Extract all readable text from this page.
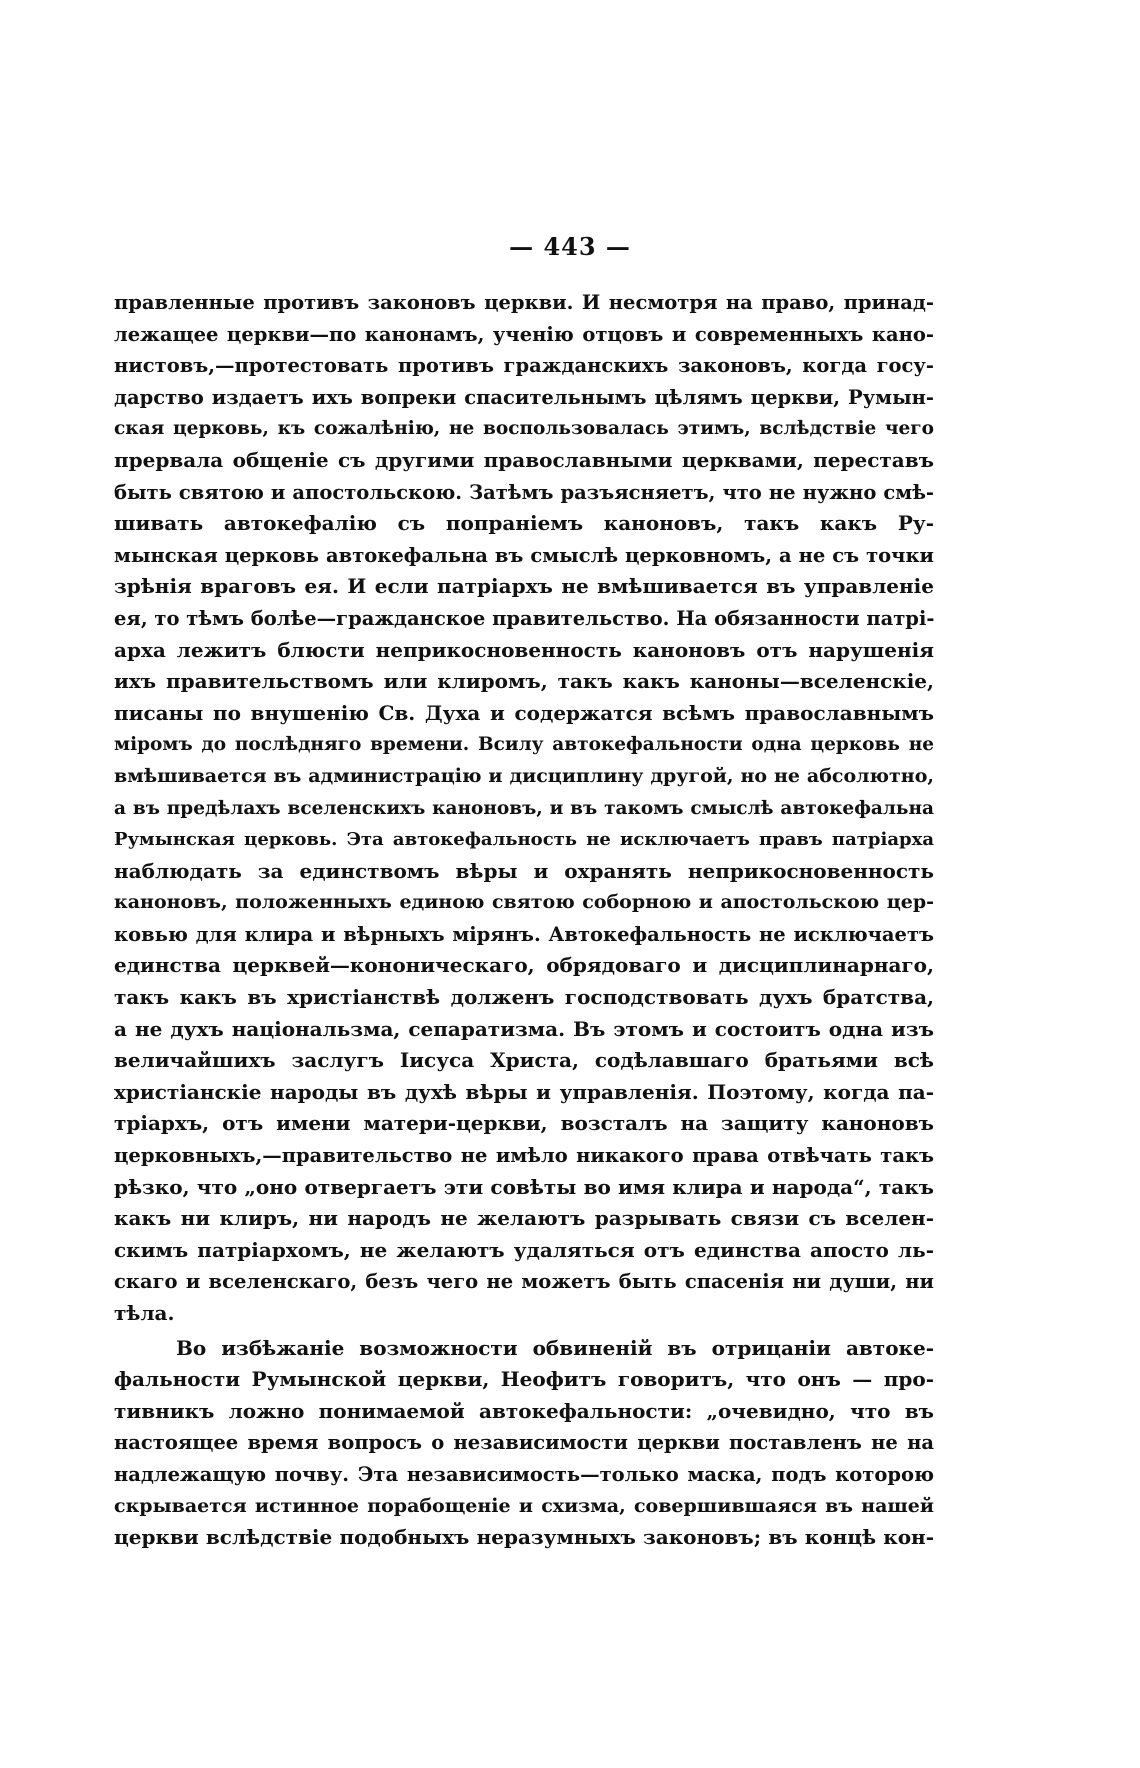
— 443 —
правленные противъ законовъ церкви. И несмотря на право, принад-
лежащее церкви—по канонамъ, ученію отцовъ и современныхъ кано-
нистовъ,—протестовать противъ гражданскихъ законовъ, когда госу-
дарство издаетъ ихъ вопреки спасительнымъ цѣлямъ церкви, Румын-
ская церковь, къ сожалѣнію, не воспользовалась этимъ, вслѣдствіе чего
прервала общеніе съ другими православными церквами, переставъ
быть святою и апостольскою. Затѣмъ разъясняетъ, что не нужно смѣ-
шивать автокефалію съ попраніемъ каноновъ, такъ какъ Ру-
мынская церковь автокефальна въ смыслѣ церковномъ, а не съ точки
зрѣнія враговъ ея. И если патріархъ не вмѣшивается въ управленіе
ея, то тѣмъ болѣе—гражданское правительство. На обязанности патрі-
арха лежитъ блюсти неприкосновенность каноновъ отъ нарушенія
ихъ правительствомъ или клиромъ, такъ какъ каноны—вселенскіе,
писаны по внушенію Св. Духа и содержатся всѣмъ православнымъ
міромъ до послѣдняго времени. Всилу автокефальности одна церковь не
вмѣшивается въ администрацію и дисциплину другой, но не абсолютно,
а въ предѣлахъ вселенскихъ каноновъ, и въ такомъ смыслѣ автокефальна
Румынская церковь. Эта автокефальность не исключаетъ правъ патріарха
наблюдать за единствомъ вѣры и охранять неприкосновенность
каноновъ, положенныхъ единою святою соборною и апостольскою цер-
ковью для клира и вѣрныхъ мірянъ. Автокефальность не исключаетъ
единства церквей—кононическаго, обрядоваго и дисциплинарнаго,
такъ какъ въ христіанствѣ долженъ господствовать духъ братства,
а не духъ національзма, сепаратизма. Въ этомъ и состоитъ одна изъ
величайшихъ заслугъ Іисуса Христа, содѣлавшаго братьями всѣ
христіанскіе народы въ духѣ вѣры и управленія. Поэтому, когда па-
тріархъ, отъ имени матери-церкви, возсталъ на защиту каноновъ
церковныхъ,—правительство не имѣло никакого права отвѣчать такъ
рѣзко, что „оно отвергаетъ эти совѣты во имя клира и народа“, такъ
какъ ни клиръ, ни народъ не желаютъ разрывать связи съ вселен-
скимъ патріархомъ, не желаютъ удаляться отъ единства апосто ль-
скаго и вселенскаго, безъ чего не можетъ быть спасенія ни души, ни
тѣла.
Во избѣжаніе возможности обвиненій въ отрицаніи автоке-
фальности Румынской церкви, Неофитъ говоритъ, что онъ — про-
тивникъ ложно понимаемой автокефальности: „очевидно, что въ
настоящее время вопросъ о независимости церкви поставленъ не на
надлежащую почву. Эта независимость—только маска, подъ которою
скрывается истинное порабощеніе и схизма, совершившаяся въ нашей
церкви вслѣдствіе подобныхъ неразумныхъ законовъ; въ концѣ кон-
